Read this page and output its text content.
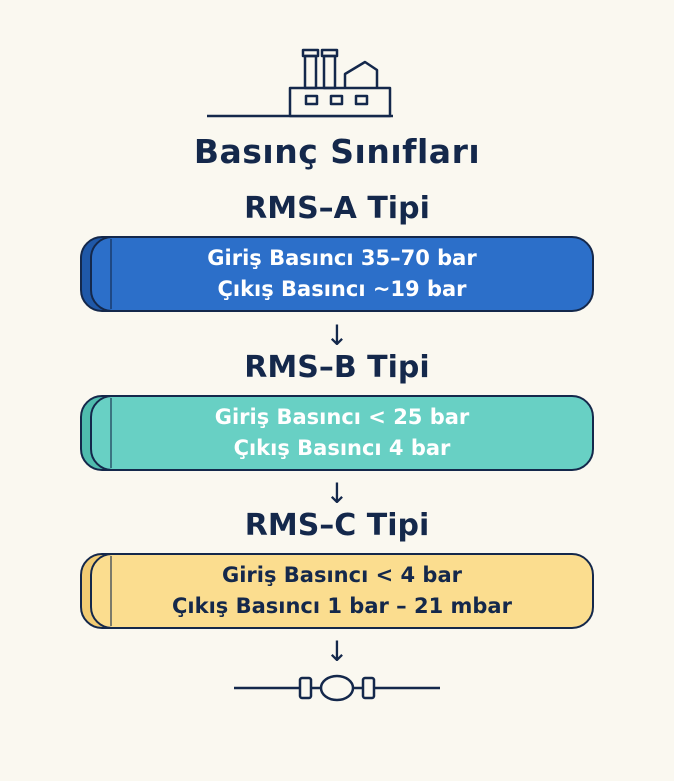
Basınç Sınıfları
RMS–A Tipi
Giriş Basıncı 35–70 bar
Çıkış Basıncı ~19 bar
↓
RMS–B Tipi
Giriş Basıncı < 25 bar
Çıkış Basıncı 4 bar
↓
RMS–C Tipi
Giriş Basıncı < 4 bar
Çıkış Basıncı 1 bar – 21 mbar
↓
